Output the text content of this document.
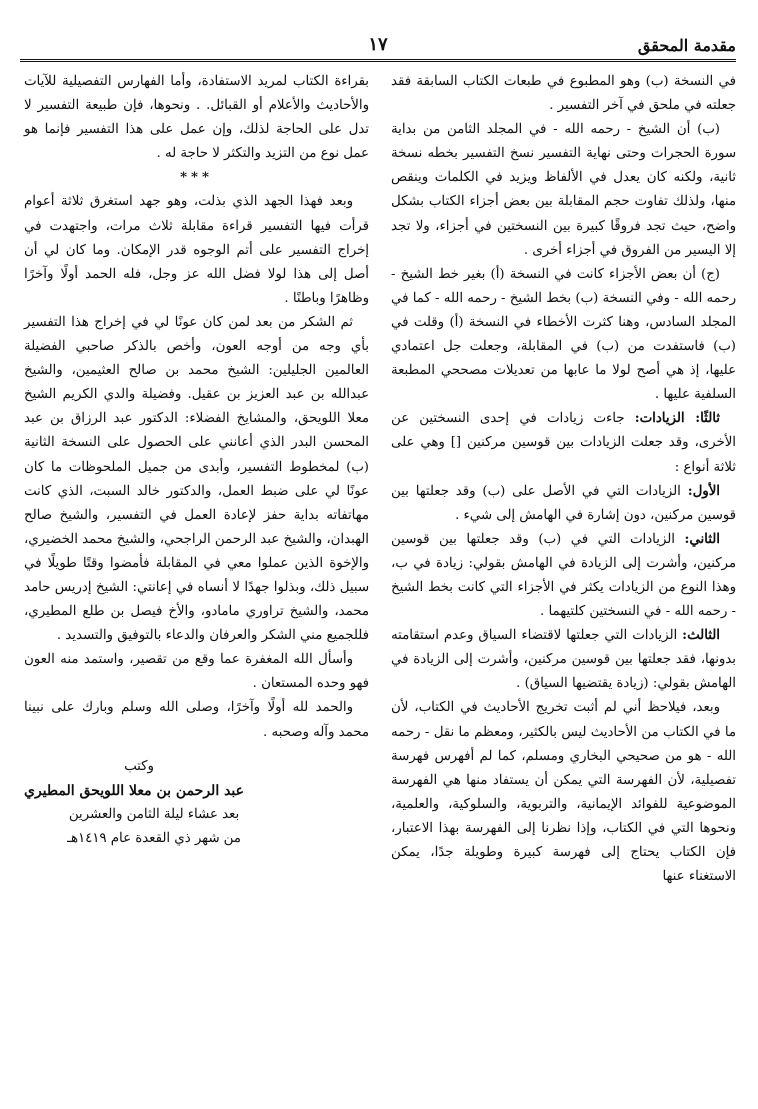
مقدمة المحقق
١٧

في النسخة (ب) وهو المطبوع في طبعات الكتاب السابقة فقد جعلته في ملحق في آخر التفسير .

(ب) أن الشيخ - رحمه الله - في المجلد الثامن من بداية سورة الحجرات وحتى نهاية التفسير نسخ التفسير بخطه نسخة ثانية، ولكنه كان يعدل في الألفاظ ويزيد في الكلمات وينقص منها، ولذلك تفاوت حجم المقابلة بين بعض أجزاء الكتاب بشكل واضح، حيث تجد فروقًا كبيرة بين النسختين في أجزاء، ولا تجد إلا اليسير من الفروق في أجزاء أخرى .

(ج) أن بعض الأجزاء كانت في النسخة (أ) بغير خط الشيخ - رحمه الله - وفي النسخة (ب) بخط الشيخ - رحمه الله - كما في المجلد السادس، وهنا كثرت الأخطاء في النسخة (أ) وقلت في (ب) فاستفدت من (ب) في المقابلة، وجعلت جل اعتمادي عليها، إذ هي أصح لولا ما عابها من تعديلات مصححي المطبعة السلفية عليها .

ثالثًا: الزيادات: جاءت زيادات في إحدى النسختين عن الأخرى، وقد جعلت الزيادات بين قوسين مركنين [] وهي على ثلاثة أنواع :

الأول: الزيادات التي في الأصل على (ب) وقد جعلتها بين قوسين مركنين، دون إشارة في الهامش إلى شيء .

الثاني: الزيادات التي في (ب) وقد جعلتها بين قوسين مركنين، وأشرت إلى الزيادة في الهامش بقولي: زيادة في ب، وهذا النوع من الزيادات يكثر في الأجزاء التي كانت بخط الشيخ - رحمه الله - في النسختين كلتيهما .

الثالث: الزيادات التي جعلتها لاقتضاء السياق وعدم استقامته بدونها، فقد جعلتها بين قوسين مركنين، وأشرت إلى الزيادة في الهامش بقولي: (زيادة يقتضيها السياق) .

وبعد، فيلاحظ أني لم أثبت تخريج الأحاديث في الكتاب، لأن ما في الكتاب من الأحاديث ليس بالكثير، ومعظم ما نقل - رحمه الله - هو من صحيحي البخاري ومسلم، كما لم أفهرس فهرسة تفصيلية، لأن الفهرسة التي يمكن أن يستفاد منها هي الفهرسة الموضوعية للفوائد الإيمانية، والتربوية، والسلوكية، والعلمية، ونحوها التي في الكتاب، وإذا نظرنا إلى الفهرسة بهذا الاعتبار، فإن الكتاب يحتاج إلى فهرسة كبيرة وطويلة جدًا، يمكن الاستغناء عنها

بقراءة الكتاب لمريد الاستفادة، وأما الفهارس التفصيلية للآيات والأحاديث والأعلام أو القبائل. . ونحوها، فإن طبيعة التفسير لا تدل على الحاجة لذلك، وإن عمل على هذا التفسير فإنما هو عمل نوع من التزيد والتكثر لا حاجة له .

***

وبعد فهذا الجهد الذي بذلت، وهو جهد استغرق ثلاثة أعوام قرأت فيها التفسير قراءة مقابلة ثلاث مرات، واجتهدت في إخراج التفسير على أتم الوجوه قدر الإمكان. وما كان لي أن أصل إلى هذا لولا فضل الله عز وجل، فله الحمد أولًا وآخرًا وظاهرًا وباطنًا .

ثم الشكر من بعد لمن كان عونًا لي في إخراج هذا التفسير بأي وجه من أوجه العون، وأخص بالذكر صاحبي الفضيلة العالمين الجليلين: الشيخ محمد بن صالح العثيمين، والشيخ عبدالله بن عبد العزيز بن عقيل. وفضيلة والدي الكريم الشيخ معلا اللويحق، والمشايخ الفضلاء: الدكتور عبد الرزاق بن عبد المحسن البدر الذي أعانني على الحصول على النسخة الثانية (ب) لمخطوط التفسير، وأبدى من جميل الملحوظات ما كان عونًا لي على ضبط العمل، والدكتور خالد السبت، الذي كانت مهاتفاته بداية حفز لإعادة العمل في التفسير، والشيخ صالح الهبدان، والشيخ عبد الرحمن الراجحي، والشيخ محمد الخضيري، والإخوة الذين عملوا معي في المقابلة فأمضوا وقتًا طويلًا في سبيل ذلك، وبذلوا جهدًا لا أنساه في إعانتي: الشيخ إدريس حامد محمد، والشيخ تراوري مامادو، والأخ فيصل بن طلع المطيري، فللجميع مني الشكر والعرفان والدعاء بالتوفيق والتسديد .

وأسأل الله المغفرة عما وقع من تقصير، واستمد منه العون فهو وحده المستعان .

والحمد لله أولًا وآخرًا، وصلى الله وسلم وبارك على نبينا محمد وآله وصحبه .

وكتب
عبد الرحمن بن معلا اللويحق المطيري
بعد عشاء ليلة الثامن والعشرين
من شهر ذي القعدة عام ١٤١٩هـ
